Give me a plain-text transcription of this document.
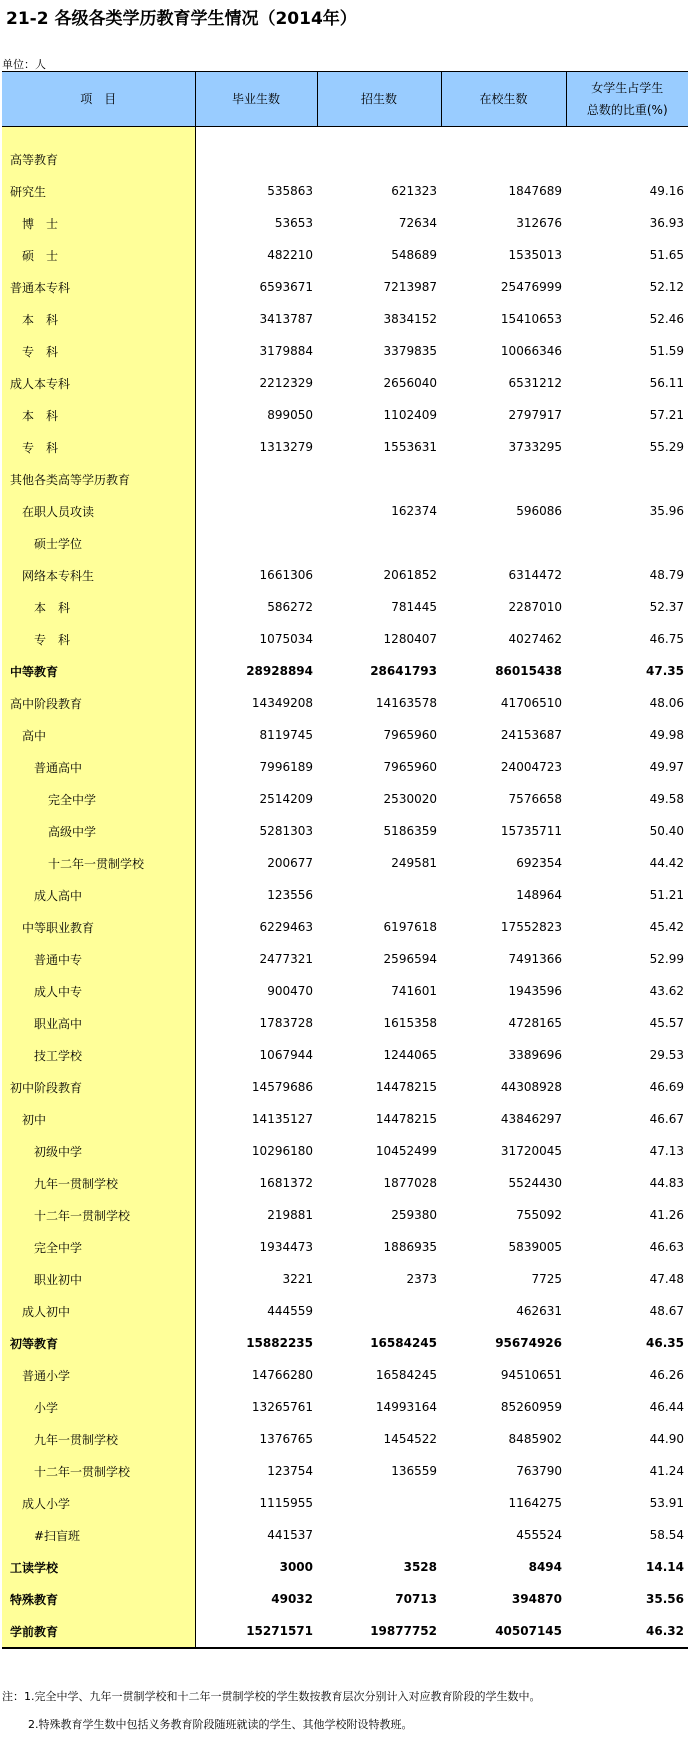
21-2 各级各类学历教育学生情况（2014年）
单位：人
项　目	毕业生数	招生数	在校生数	女学生占学生
总数的比重(%)

高等教育				
研究生	535863	621323	1847689	49.16
博　士	53653	72634	312676	36.93
硕　士	482210	548689	1535013	51.65
普通本专科	6593671	7213987	25476999	52.12
本　科	3413787	3834152	15410653	52.46
专　科	3179884	3379835	10066346	51.59
成人本专科	2212329	2656040	6531212	56.11
本　科	899050	1102409	2797917	57.21
专　科	1313279	1553631	3733295	55.29
其他各类高等学历教育				
在职人员攻读		162374	596086	35.96
硕士学位				
网络本专科生	1661306	2061852	6314472	48.79
本　科	586272	781445	2287010	52.37
专　科	1075034	1280407	4027462	46.75
中等教育	28928894	28641793	86015438	47.35
高中阶段教育	14349208	14163578	41706510	48.06
高中	8119745	7965960	24153687	49.98
普通高中	7996189	7965960	24004723	49.97
完全中学	2514209	2530020	7576658	49.58
高级中学	5281303	5186359	15735711	50.40
十二年一贯制学校	200677	249581	692354	44.42
成人高中	123556		148964	51.21
中等职业教育	6229463	6197618	17552823	45.42
普通中专	2477321	2596594	7491366	52.99
成人中专	900470	741601	1943596	43.62
职业高中	1783728	1615358	4728165	45.57
技工学校	1067944	1244065	3389696	29.53
初中阶段教育	14579686	14478215	44308928	46.69
初中	14135127	14478215	43846297	46.67
初级中学	10296180	10452499	31720045	47.13
九年一贯制学校	1681372	1877028	5524430	44.83
十二年一贯制学校	219881	259380	755092	41.26
完全中学	1934473	1886935	5839005	46.63
职业初中	3221	2373	7725	47.48
成人初中	444559		462631	48.67
初等教育	15882235	16584245	95674926	46.35
普通小学	14766280	16584245	94510651	46.26
小学	13265761	14993164	85260959	46.44
九年一贯制学校	1376765	1454522	8485902	44.90
十二年一贯制学校	123754	136559	763790	41.24
成人小学	1115955		1164275	53.91
#扫盲班	441537		455524	58.54
工读学校	3000	3528	8494	14.14
特殊教育	49032	70713	394870	35.56
学前教育	15271571	19877752	40507145	46.32
注：1.完全中学、九年一贯制学校和十二年一贯制学校的学生数按教育层次分别计入对应教育阶段的学生数中。
2.特殊教育学生数中包括义务教育阶段随班就读的学生、其他学校附设特教班。
